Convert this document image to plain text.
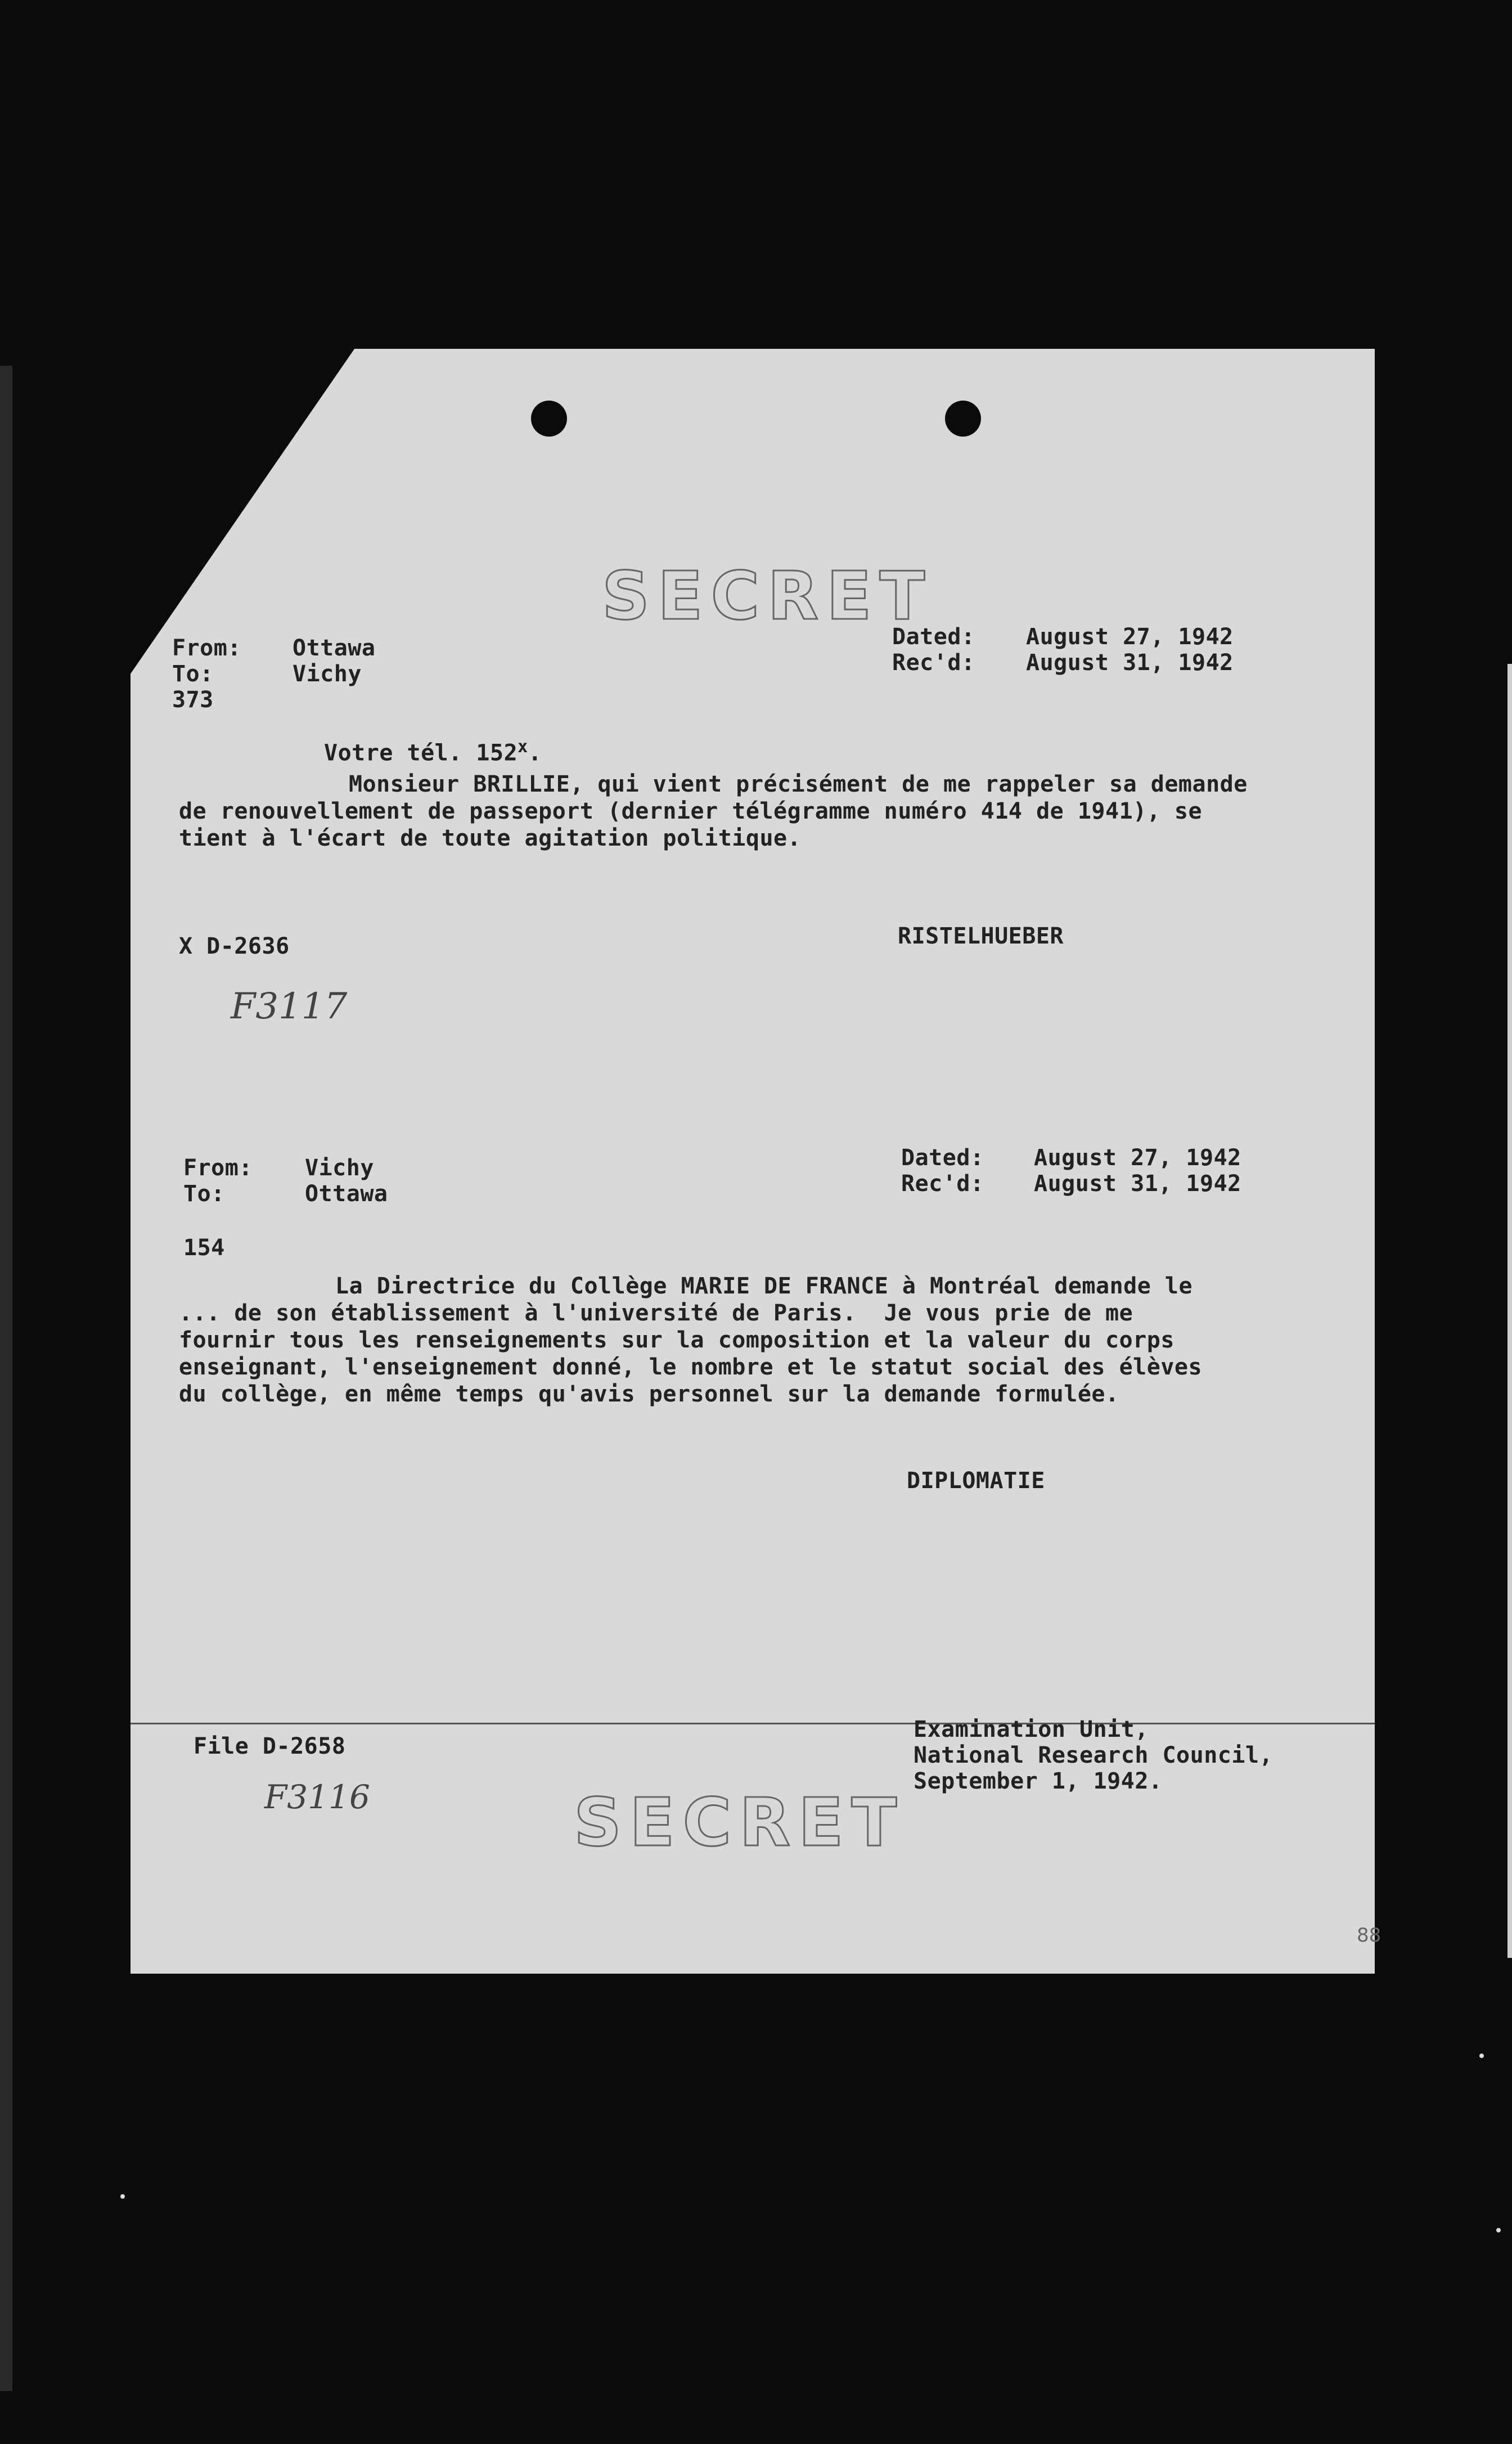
SECRET
From: Ottawa
To:	Vichy
373
Dated: August 27, 1942
Rec'd: August 31, 1942
Votre tél. 152$^x$.
Monsieur BRILLIE, qui vient précisément de me rappeler sa demande
de renouvellement de passeport (dernier télégramme numéro 414 de 1941), se
tient à l'écart de toute agitation politique.
X D-2636	RISTELHUEBER
F3117
From: Vichy
To:	Ottawa
Dated: August 27, 1942
Rec'd: August 31, 1942
154
La Directrice du Collège MARIE DE FRANCE à Montréal demande le
... de son établissement à l'université de Paris.  Je vous prie de me
fournir tous les renseignements sur la composition et la valeur du corps
enseignant, l'enseignement donné, le nombre et le statut social des élèves
du collège, en même temps qu'avis personnel sur la demande formulée.
DIPLOMATIE
File D-2658
F3116
Examination Unit,
National Research Council,
September 1, 1942.
SECRET
88
